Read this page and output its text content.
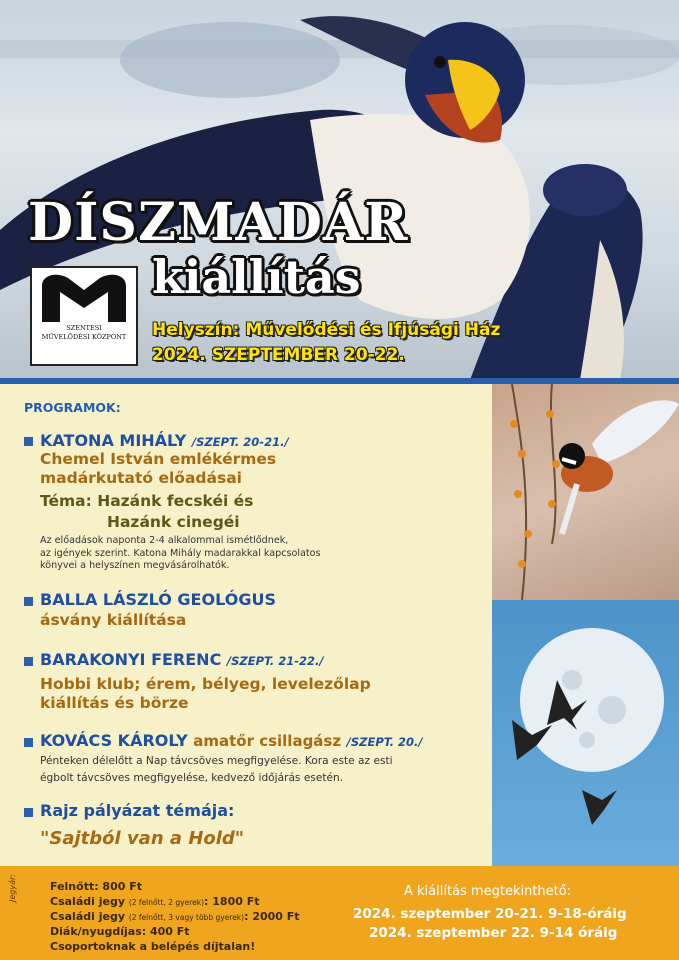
DÍSZMADÁR
kiállítás
SZENTESI
MŰVELŐDÉSI KÖZPONT	Helyszín: Művelődési és Ifjúsági Ház
2024. SZEPTEMBER 20-22.
PROGRAMOK:
KATONA MIHÁLY /SZEPT. 20-21./
Chemel István emlékérmes
madárkutató előadásai
Téma: Hazánk fecskéi és
Hazánk cinegéi
Az előadások naponta 2-4 alkalommal ismétlődnek,
az igények szerint. Katona Mihály madarakkal kapcsolatos
könyvei a helyszínen megvásárolhatók.
BALLA LÁSZLÓ GEOLÓGUS
ásvány kiállítása
BARAKONYI FERENC /SZEPT. 21-22./
Hobbi klub; érem, bélyeg, levelezőlap
kiállítás és börze
KOVÁCS KÁROLY amatőr csillagász /SZEPT. 20./
Pénteken délelőtt a Nap távcsöves megfigyelése. Kora este az esti
égbolt távcsöves megfigyelése, kedvező időjárás esetén.
Rajz pályázat témája:
"Sajtból van a Hold"
Jegyár:	Felnőtt: 800 Ft
Családi jegy (2 felnőtt, 2 gyerek): 1800 Ft
Családi jegy (2 felnőtt, 3 vagy több gyerek): 2000 Ft
Diák/nyugdíjas: 400 Ft
Csoportoknak a belépés díjtalan!
A kiállítás megtekinthető:
2024. szeptember 20-21. 9-18-óráig
2024. szeptember 22. 9-14 óráig
